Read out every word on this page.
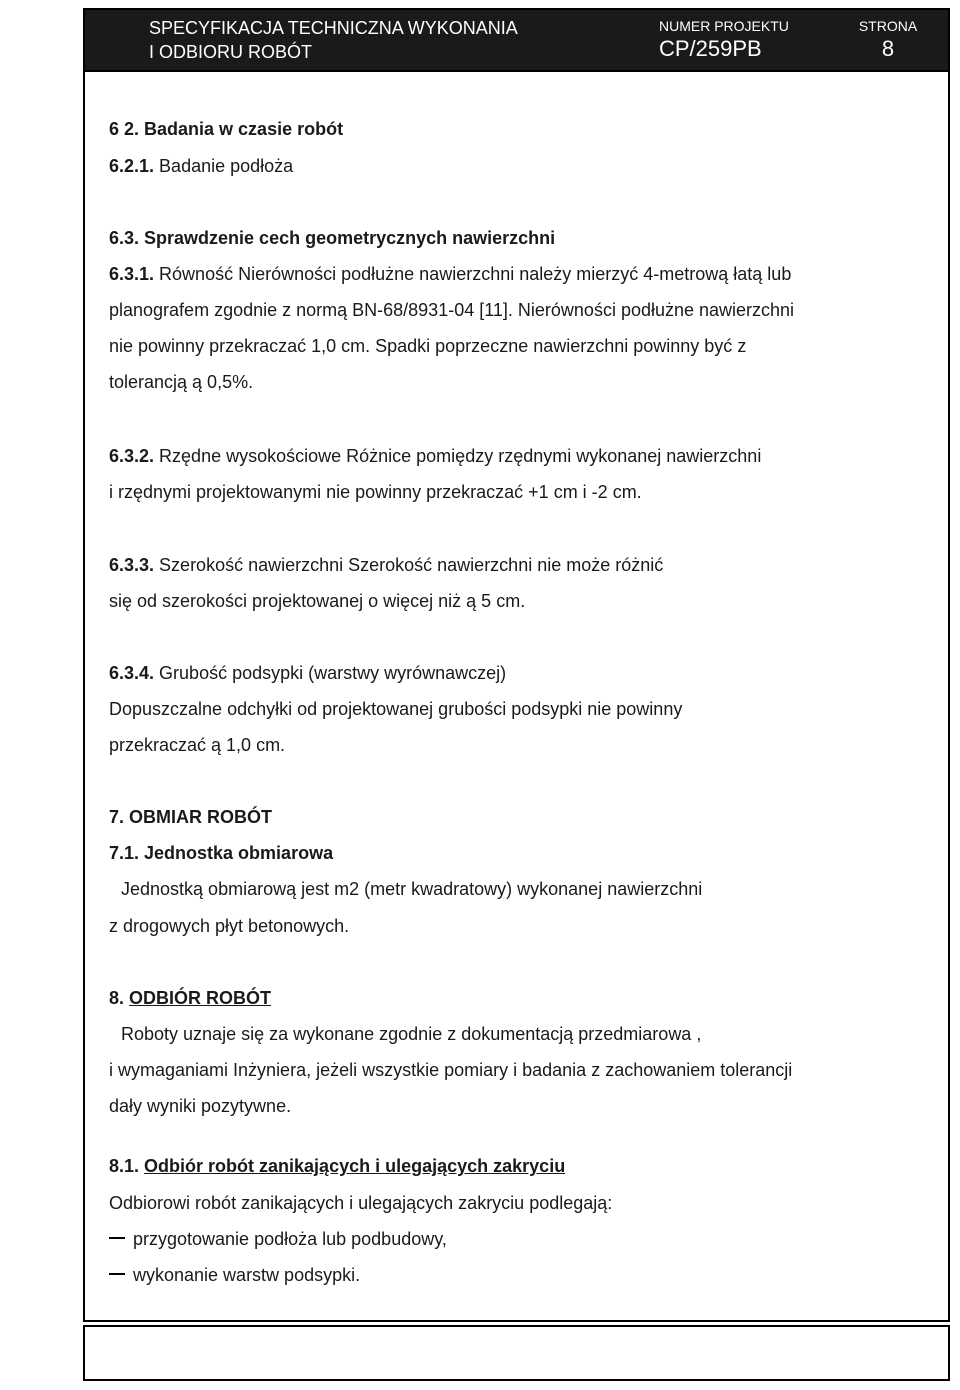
SPECYFIKACJA TECHNICZNA WYKONANIA
I ODBIORU ROBÓT
NUMER PROJEKTU
CP/259PB
STRONA
8
6 2. Badania w czasie robót
6.2.1. Badanie podłoża
6.3. Sprawdzenie cech geometrycznych nawierzchni
6.3.1. Równość Nierówności podłużne nawierzchni należy mierzyć 4-metrową łatą lub
planografem zgodnie z normą BN-68/8931-04 [11]. Nierówności podłużne nawierzchni
nie powinny przekraczać 1,0 cm. Spadki poprzeczne nawierzchni powinny być z
tolerancją ą 0,5%.
6.3.2. Rzędne wysokościowe Różnice pomiędzy rzędnymi wykonanej nawierzchni
i rzędnymi projektowanymi nie powinny przekraczać +1 cm i -2 cm.
6.3.3. Szerokość nawierzchni Szerokość nawierzchni nie może różnić
się od szerokości projektowanej o więcej niż ą 5 cm.
6.3.4. Grubość podsypki (warstwy wyrównawczej)
Dopuszczalne odchyłki od projektowanej grubości podsypki nie powinny
przekraczać ą 1,0 cm.
7. OBMIAR ROBÓT
7.1. Jednostka obmiarowa
Jednostką obmiarową jest m2 (metr kwadratowy) wykonanej nawierzchni
z drogowych płyt betonowych.
8. ODBIÓR ROBÓT
Roboty uznaje się za wykonane zgodnie z dokumentacją przedmiarowa ,
i wymaganiami Inżyniera, jeżeli wszystkie pomiary i badania z zachowaniem tolerancji
dały wyniki pozytywne.
8.1. Odbiór robót zanikających i ulegających zakryciu
Odbiorowi robót zanikających i ulegających zakryciu podlegają:
przygotowanie podłoża lub podbudowy,
wykonanie warstw podsypki.
